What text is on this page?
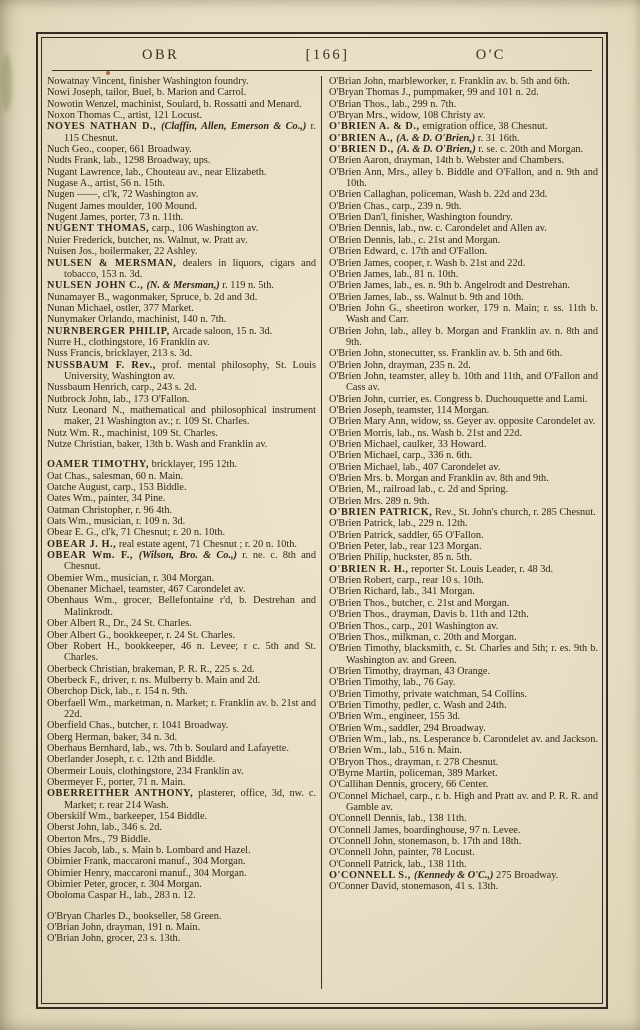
OBR	[166]	O'C

Nowatnay Vincent, finisher Washington foundry.

Nowi Joseph, tailor, Buel, b. Marion and Carrol.

Nowotin Wenzel, machinist, Soulard, b. Rossatti and Menard.

Noxon Thomas C., artist, 121 Locust.

NOYES NATHAN D., (Claffin, Allen, Emerson & Co.,) r. 115 Chesnut.

Nuch Geo., cooper, 661 Broadway.

Nudts Frank, lab., 1298 Broadway, ups.

Nugant Lawrence, lab., Chouteau av., near Elizabeth.

Nugase A., artist, 56 n. 15th.

Nugen ——, cl'k, 72 Washington av.

Nugent James moulder, 100 Mound.

Nugent James, porter, 73 n. 11th.

NUGENT THOMAS, carp., 106 Washington av.

Nuier Frederick, butcher, ns. Walnut, w. Pratt av.

Nuisen Jos., boilermaker, 22 Ashley.

NULSEN & MERSMAN, dealers in liquors, cigars and tobacco, 153 n. 3d.

NULSEN JOHN C., (N. & Mersman,) r. 119 n. 5th.

Nunamayer B., wagonmaker, Spruce, b. 2d and 3d.

Nunan Michael, ostler, 377 Market.

Nunymaker Orlando, machinist, 140 n. 7th.

NURNBERGER PHILIP, Arcade saloon, 15 n. 3d.

Nurre H., clothingstore, 16 Franklin av.

Nuss Francis, bricklayer, 213 s. 3d.

NUSSBAUM F. Rev., prof. mental philosophy, St. Louis University, Washington av.

Nussbaum Henrich, carp., 243 s. 2d.

Nutbrock John, lab., 173 O'Fallon.

Nutz Leonard N., mathematical and philosophical instrument maker, 21 Washington av.; r. 109 St. Charles.

Nutz Wm. R., machinist, 109 St. Charles.

Nutze Christian, baker, 13th b. Wash and Franklin av.

OAMER TIMOTHY, bricklayer, 195 12th.

Oat Chas., salesman, 60 n. Main.

Oatche August, carp., 153 Biddle.

Oates Wm., painter, 34 Pine.

Oatman Christopher, r. 96 4th.

Oats Wm., musician, r. 109 n. 3d.

Obear E. G., cl'k, 71 Chesnut; r. 20 n. 10th.

OBEAR J. H., real estate agent, 71 Chesnut ; r. 20 n. 10th.

OBEAR Wm. F., (Wilson, Bro. & Co.,) r. ne. c. 8th and Chesnut.

Obemier Wm., musician, r. 304 Morgan.

Obenaner Michael, teamster, 467 Carondelet av.

Obenhaus Wm., grocer, Bellefontaine r'd, b. Destrehan and Malinkrodt.

Ober Albert R., Dr., 24 St. Charles.

Ober Albert G., bookkeeper, r. 24 St. Charles.

Ober Robert H., bookkeeper, 46 n. Levee; r c. 5th and St. Charles.

Oberbeck Christian, brakeman, P. R. R., 225 s. 2d.

Oberbeck F., driver, r. ns. Mulberry b. Main and 2d.

Oberchop Dick, lab., r. 154 n. 9th.

Oberfaell Wm., marketman, n. Market; r. Franklin av. b. 21st and 22d.

Oberfield Chas., butcher, r. 1041 Broadway.

Oberg Herman, baker, 34 n. 3d.

Oberhaus Bernhard, lab., ws. 7th b. Soulard and Lafayette.

Oberlander Joseph, r. c. 12th and Biddle.

Obermeir Louis, clothingstore, 234 Franklin av.

Obermeyer F., porter, 71 n. Main.

OBERREITHER ANTHONY, plasterer, office, 3d, nw. c. Market; r. rear 214 Wash.

Oberskilf Wm., barkeeper, 154 Biddle.

Oberst John, lab., 346 s. 2d.

Oberton Mrs., 79 Biddle.

Obies Jacob, lab., s. Main b. Lombard and Hazel.

Obimier Frank, maccaroni manuf., 304 Morgan.

Obimier Henry, maccaroni manuf., 304 Morgan.

Obimier Peter, grocer, r. 304 Morgan.

Oboloma Caspar H., lab., 283 n. 12.

O'Bryan Charles D., bookseller, 58 Green.

O'Brian John, drayman, 191 n. Main.

O'Brian John, grocer, 23 s. 13th.

O'Brian John, marbleworker, r. Franklin av. b. 5th and 6th.

O'Bryan Thomas J., pumpmaker, 99 and 101 n. 2d.

O'Brian Thos., lab., 299 n. 7th.

O'Bryan Mrs., widow, 108 Christy av.

O'BRIEN A. & D., emigration office, 38 Chesnut.

O'BRIEN A., (A. & D. O'Brien,) r. 31 16th.

O'BRIEN D., (A. & D. O'Brien,) r. se. c. 20th and Morgan.

O'Brien Aaron, drayman, 14th b. Webster and Chambers.

O'Brien Ann, Mrs., alley b. Biddle and O'Fallon, and n. 9th and 10th.

O'Brien Callaghan, policeman, Wash b. 22d and 23d.

O'Brien Chas., carp., 239 n. 9th.

O'Brien Dan'l, finisher, Washington foundry.

O'Brien Dennis, lab., nw. c. Carondelet and Allen av.

O'Brien Dennis, lab., c. 21st and Morgan.

O'Brien Edward, c. 17th and O'Fallon.

O'Brien James, cooper, r. Wash b. 21st and 22d.

O'Brien James, lab., 81 n. 10th.

O'Brien James, lab., es. n. 9th b. Angelrodt and Destrehan.

O'Brien James, lab., ss. Walnut b. 9th and 10th.

O'Brien John G., sheetiron worker, 179 n. Main; r. ss. 11th b. Wash and Carr.

O'Brien John, lab., alley b. Morgan and Franklin av. n. 8th and 9th.

O'Brien John, stonecutter, ss. Franklin av. b. 5th and 6th.

O'Brien John, drayman, 235 n. 2d.

O'Brien John, teamster, alley b. 10th and 11th, and O'Fallon and Cass av.

O'Brien John, currier, es. Congress b. Duchouquette and Lami.

O'Brien Joseph, teamster, 114 Morgan.

O'Brien Mary Ann, widow, ss. Geyer av. opposite Carondelet av.

O'Brien Morris, lab., ns. Wash b. 21st and 22d.

O'Brien Michael, caulker, 33 Howard.

O'Brien Michael, carp., 336 n. 6th.

O'Brien Michael, lab., 407 Carondelet av.

O'Brien Mrs. b. Morgan and Franklin av. 8th and 9th.

O'Brien, M., railroad lab., c. 2d and Spring.

O'Brien Mrs. 289 n. 9th.

O'BRIEN PATRICK, Rev., St. John's church, r. 285 Chesnut.

O'Brien Patrick, lab., 229 n. 12th.

O'Brien Patrick, saddler, 65 O'Fallon.

O'Brien Peter, lab., rear 123 Morgan.

O'Brien Philip, huckster, 85 n. 5th.

O'BRIEN R. H., reporter St. Louis Leader, r. 48 3d.

O'Brien Robert, carp., rear 10 s. 10th.

O'Brien Richard, lab., 341 Morgan.

O'Brien Thos., butcher, c. 21st and Morgan.

O'Brien Thos., drayman, Davis b. 11th and 12th.

O'Brien Thos., carp., 201 Washington av.

O'Brien Thos., milkman, c. 20th and Morgan.

O'Brien Timothy, blacksmith, c. St. Charles and 5th; r. es. 9th b. Washington av. and Green.

O'Brien Timothy, drayman, 43 Orange.

O'Brien Timothy, lab., 76 Gay.

O'Brien Timothy, private watchman, 54 Collins.

O'Brien Timothy, pedler, c. Wash and 24th.

O'Brien Wm., engineer, 155 3d.

O'Brien Wm., saddler, 294 Broadway.

O'Brien Wm., lab., ns. Lesperance b. Carondelet av. and Jackson.

O'Brien Wm., lab., 516 n. Main.

O'Bryon Thos., drayman, r. 278 Chesnut.

O'Byrne Martin, policeman, 389 Market.

O'Callihan Dennis, grocery, 66 Center.

O'Connel Michael, carp., r. b. High and Pratt av. and P. R. R. and Gamble av.

O'Connell Dennis, lab., 138 11th.

O'Connell James, boardinghouse, 97 n. Levee.

O'Connell John, stonemason, b. 17th and 18th.

O'Connell John, painter, 78 Locust.

O'Connell Patrick, lab., 138 11th.

O'CONNELL S., (Kennedy & O'C.,) 275 Broadway.

O'Conner David, stonemason, 41 s. 13th.
